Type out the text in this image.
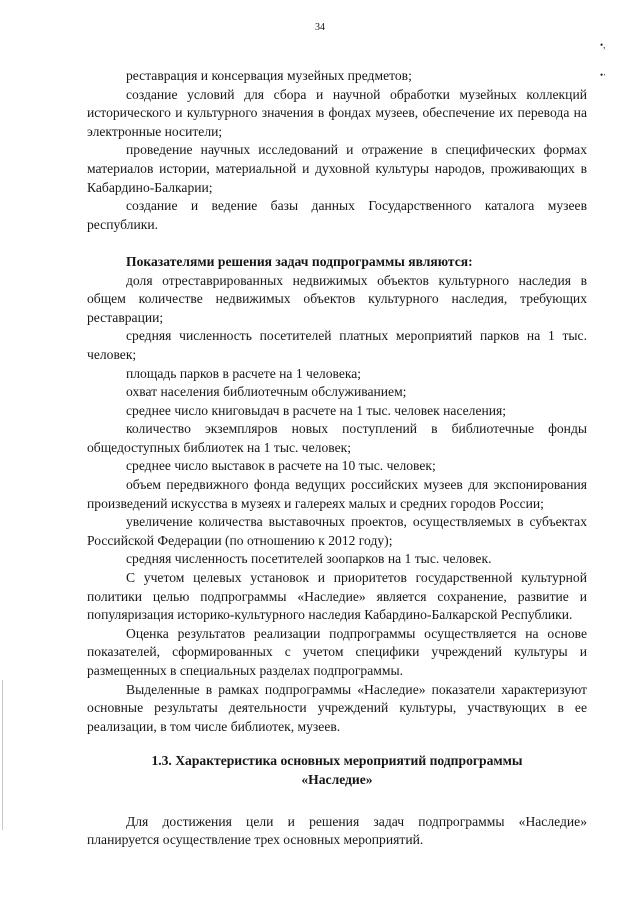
34
•,
•‧

реставрация и консервация музейных предметов;

создание условий для сбора и научной обработки музейных коллекций исторического и культурного значения в фондах музеев, обеспечение их перевода на электронные носители;

проведение научных исследований и отражение в специфических формах материалов истории, материальной и духовной культуры народов, проживающих в Кабардино-Балкарии;

создание и ведение базы данных Государственного каталога музеев республики.

Показателями решения задач подпрограммы являются:

доля отреставрированных недвижимых объектов культурного наследия в общем количестве недвижимых объектов культурного наследия, требующих реставрации;

средняя численность посетителей платных мероприятий парков на 1 тыс. человек;

площадь парков в расчете на 1 человека;

охват населения библиотечным обслуживанием;

среднее число книговыдач в расчете на 1 тыс. человек населения;

количество экземпляров новых поступлений в библиотечные фонды общедоступных библиотек на 1 тыс. человек;

среднее число выставок в расчете на 10 тыс. человек;

объем передвижного фонда ведущих российских музеев для экспонирования произведений искусства в музеях и галереях малых и средних городов России;

увеличение количества выставочных проектов, осуществляемых в субъектах Российской Федерации (по отношению к 2012 году);

средняя численность посетителей зоопарков на 1 тыс. человек.

С учетом целевых установок и приоритетов государственной культурной политики целью подпрограммы «Наследие» является сохранение, развитие и популяризация историко-культурного наследия Кабардино-Балкарской Республики.

Оценка результатов реализации подпрограммы осуществляется на основе показателей, сформированных с учетом специфики учреждений культуры и размещенных в специальных разделах подпрограммы.

Выделенные в рамках подпрограммы «Наследие» показатели характеризуют основные результаты деятельности учреждений культуры, участвующих в ее реализации, в том числе библиотек, музеев.

1.3. Характеристика основных мероприятий подпрограммы
«Наследие»

Для достижения цели и решения задач подпрограммы «Наследие» планируется осуществление трех основных мероприятий.
